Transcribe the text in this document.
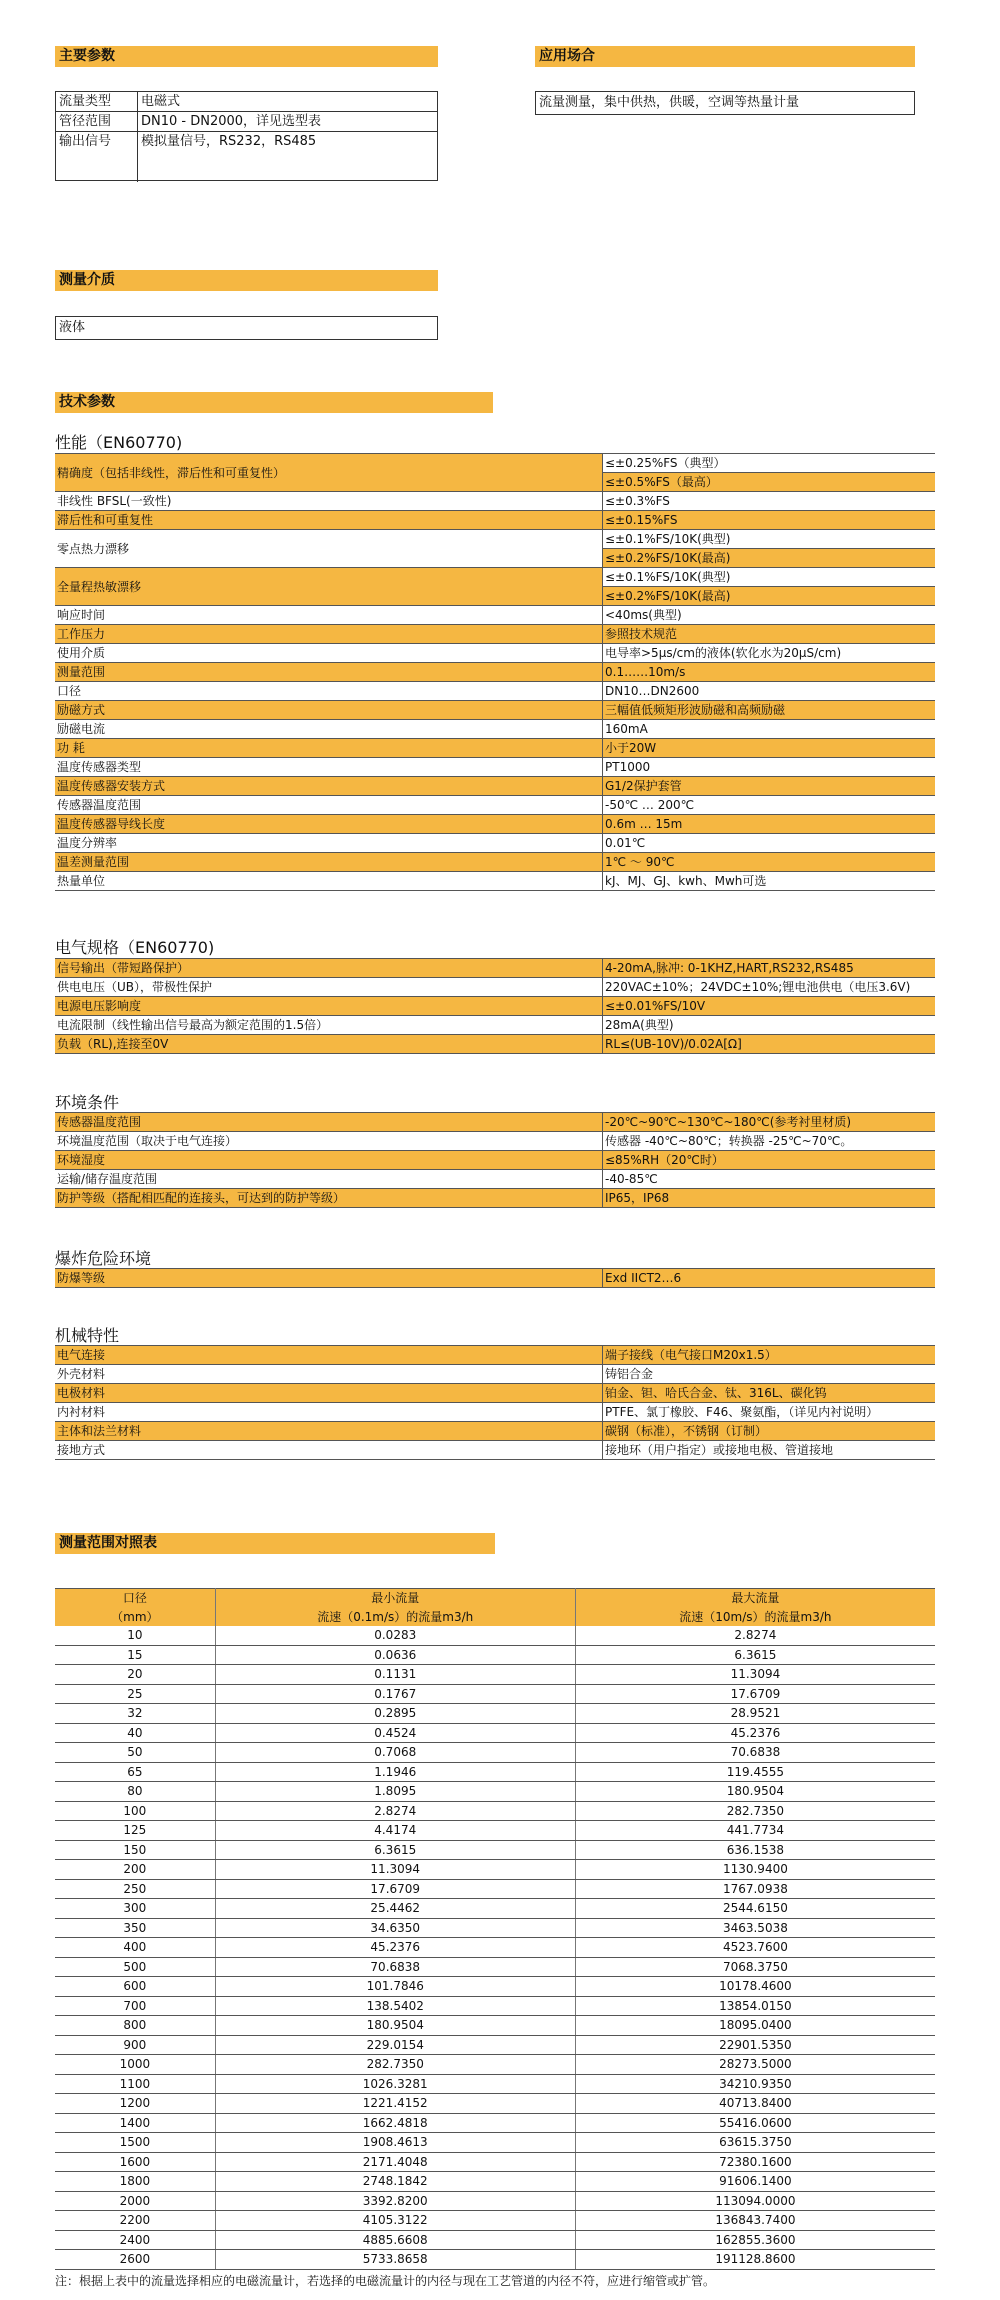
主要参数
流量类型	电磁式
管径范围	DN10 - DN2000，详见选型表
输出信号	模拟量信号，RS232，RS485
应用场合
流量测量，集中供热，供暖，空调等热量计量
测量介质
液体
技术参数
性能（EN60770)
精确度（包括非线性，滞后性和可重复性）	≤±0.25%FS（典型）
	≤±0.5%FS（最高）
非线性 BFSL(一致性)	≤±0.3%FS
滞后性和可重复性	≤±0.15%FS
零点热力漂移	≤±0.1%FS/10K(典型)
	≤±0.2%FS/10K(最高)
全量程热敏漂移	≤±0.1%FS/10K(典型)
	≤±0.2%FS/10K(最高)
响应时间	<40ms(典型)
工作压力	参照技术规范
使用介质	电导率>5μs/cm的液体(软化水为20μS/cm)
测量范围	0.1……10m/s
口径	DN10…DN2600
励磁方式	三幅值低频矩形波励磁和高频励磁
励磁电流	160mA
功 耗	小于20W
温度传感器类型	PT1000
温度传感器安装方式	G1/2保护套管
传感器温度范围	-50℃ … 200℃
温度传感器导线长度	0.6m … 15m
温度分辨率	0.01℃
温差测量范围	1℃ ～ 90℃
热量单位	kJ、MJ、GJ、kwh、Mwh可选
电气规格（EN60770)
信号输出（带短路保护）	4-20mA,脉冲: 0-1KHZ,HART,RS232,RS485
供电电压（UB），带极性保护	220VAC±10%；24VDC±10%;锂电池供电（电压3.6V)
电源电压影响度	≤±0.01%FS/10V
电流限制（线性输出信号最高为额定范围的1.5倍）	28mA(典型)
负载（RL),连接至0V	RL≤(UB-10V)/0.02A[Ω]
环境条件
传感器温度范围	-20℃~90℃~130℃~180℃(参考衬里材质)
环境温度范围（取决于电气连接）	传感器 -40℃~80℃；转换器 -25℃~70℃。
环境湿度	≤85%RH（20℃时）
运输/储存温度范围	-40-85℃
防护等级（搭配相匹配的连接头，可达到的防护等级）	IP65，IP68
爆炸危险环境
防爆等级	Exd IICT2…6
机械特性
电气连接	端子接线（电气接口M20x1.5）
外壳材料	铸铝合金
电极材料	铂金、钽、哈氏合金、钛、316L、碳化钨
内衬材料	PTFE、氯丁橡胶、F46、聚氨酯，（详见内衬说明）
主体和法兰材料	碳钢（标准），不锈钢（订制）
接地方式	接地环（用户指定）或接地电极、管道接地
测量范围对照表
口径	最小流量	最大流量
（mm）	流速（0.1m/s）的流量m3/h	流速（10m/s）的流量m3/h
10	0.0283	2.8274
15	0.0636	6.3615
20	0.1131	11.3094
25	0.1767	17.6709
32	0.2895	28.9521
40	0.4524	45.2376
50	0.7068	70.6838
65	1.1946	119.4555
80	1.8095	180.9504
100	2.8274	282.7350
125	4.4174	441.7734
150	6.3615	636.1538
200	11.3094	1130.9400
250	17.6709	1767.0938
300	25.4462	2544.6150
350	34.6350	3463.5038
400	45.2376	4523.7600
500	70.6838	7068.3750
600	101.7846	10178.4600
700	138.5402	13854.0150
800	180.9504	18095.0400
900	229.0154	22901.5350
1000	282.7350	28273.5000
1100	1026.3281	34210.9350
1200	1221.4152	40713.8400
1400	1662.4818	55416.0600
1500	1908.4613	63615.3750
1600	2171.4048	72380.1600
1800	2748.1842	91606.1400
2000	3392.8200	113094.0000
2200	4105.3122	136843.7400
2400	4885.6608	162855.3600
2600	5733.8658	191128.8600
注：根据上表中的流量选择相应的电磁流量计，若选择的电磁流量计的内径与现在工艺管道的内径不符，应进行缩管或扩管。
